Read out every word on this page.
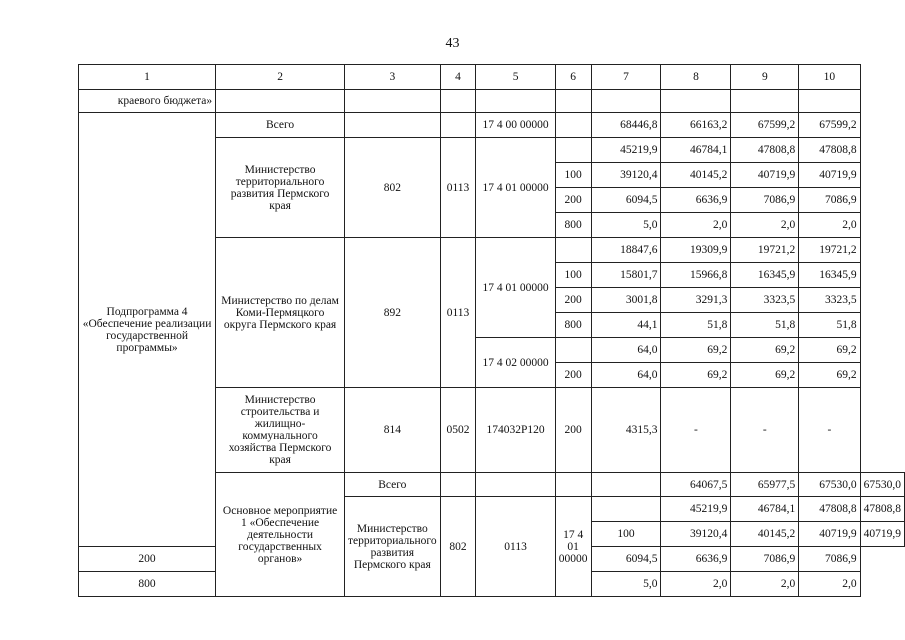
43
1	2	3	4	5	6	7	8	9	10	
краевого бюджета»										
Подпрограмма 4 «Обеспечение реализации государственной программы»	Всего			17 4 00 00000		68446,8	66163,2	67599,2	67599,2	
	Министерство территориального развития Пермского края	802	0113	17 4 01 00000		45219,9	46784,1	47808,8	47808,8	
					100	39120,4	40145,2	40719,9	40719,9	
					200	6094,5	6636,9	7086,9	7086,9	
					800	5,0	2,0	2,0	2,0	
	Министерство по делам Коми-Пермяцкого округа Пермского края	892	0113	17 4 01 00000		18847,6	19309,9	19721,2	19721,2	
					100	15801,7	15966,8	16345,9	16345,9	
					200	3001,8	3291,3	3323,5	3323,5	
					800	44,1	51,8	51,8	51,8	
				17 4 02 00000		64,0	69,2	69,2	69,2	
					200	64,0	69,2	69,2	69,2	
	Министерство строительства и жилищно-коммунального хозяйства Пермского края	814	0502	174032P120	200	4315,3	-	-	-	
	Основное мероприятие 1 «Обеспечение деятельности государственных органов»	Всего					64067,5	65977,5	67530,0	67530,0
		Министерство территориального развития Пермского края	802	0113	17 4 01 00000		45219,9	46784,1	47808,8	47808,8
						100	39120,4	40145,2	40719,9	40719,9
200						6094,5	6636,9	7086,9	7086,9	
800						5,0	2,0	2,0	2,0	
